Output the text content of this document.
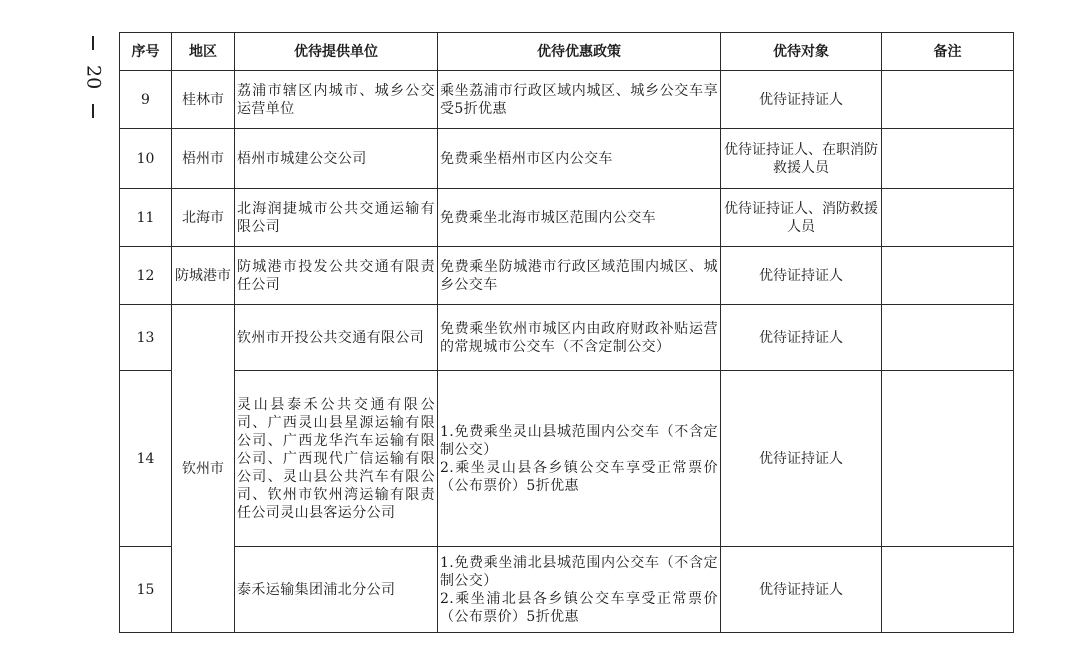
20
序号	地区	优待提供单位	优待优惠政策	优待对象	备注
9	桂林市	荔浦市辖区内城市、城乡公交运营单位	乘坐荔浦市行政区域内城区、城乡公交车享受5折优惠	优待证持证人	
10	梧州市	梧州市城建公交公司	免费乘坐梧州市区内公交车	优待证持证人、在职消防救援人员	
11	北海市	北海润捷城市公共交通运输有限公司	免费乘坐北海市城区范围内公交车	优待证持证人、消防救援人员	
12	防城港市	防城港市投发公共交通有限责任公司	免费乘坐防城港市行政区域范围内城区、城乡公交车	优待证持证人	
13	钦州市	钦州市开投公共交通有限公司	免费乘坐钦州市城区内由政府财政补贴运营的常规城市公交车（不含定制公交）	优待证持证人	
14		灵山县泰禾公共交通有限公司、广西灵山县星源运输有限公司、广西龙华汽车运输有限公司、广西现代广信运输有限公司、灵山县公共汽车有限公司、钦州市钦州湾运输有限责任公司灵山县客运分公司	1.免费乘坐灵山县城范围内公交车（不含定制公交）
2.乘坐灵山县各乡镇公交车享受正常票价（公布票价）5折优惠	优待证持证人	
15		泰禾运输集团浦北分公司	1.免费乘坐浦北县城范围内公交车（不含定制公交）
2.乘坐浦北县各乡镇公交车享受正常票价（公布票价）5折优惠	优待证持证人	
